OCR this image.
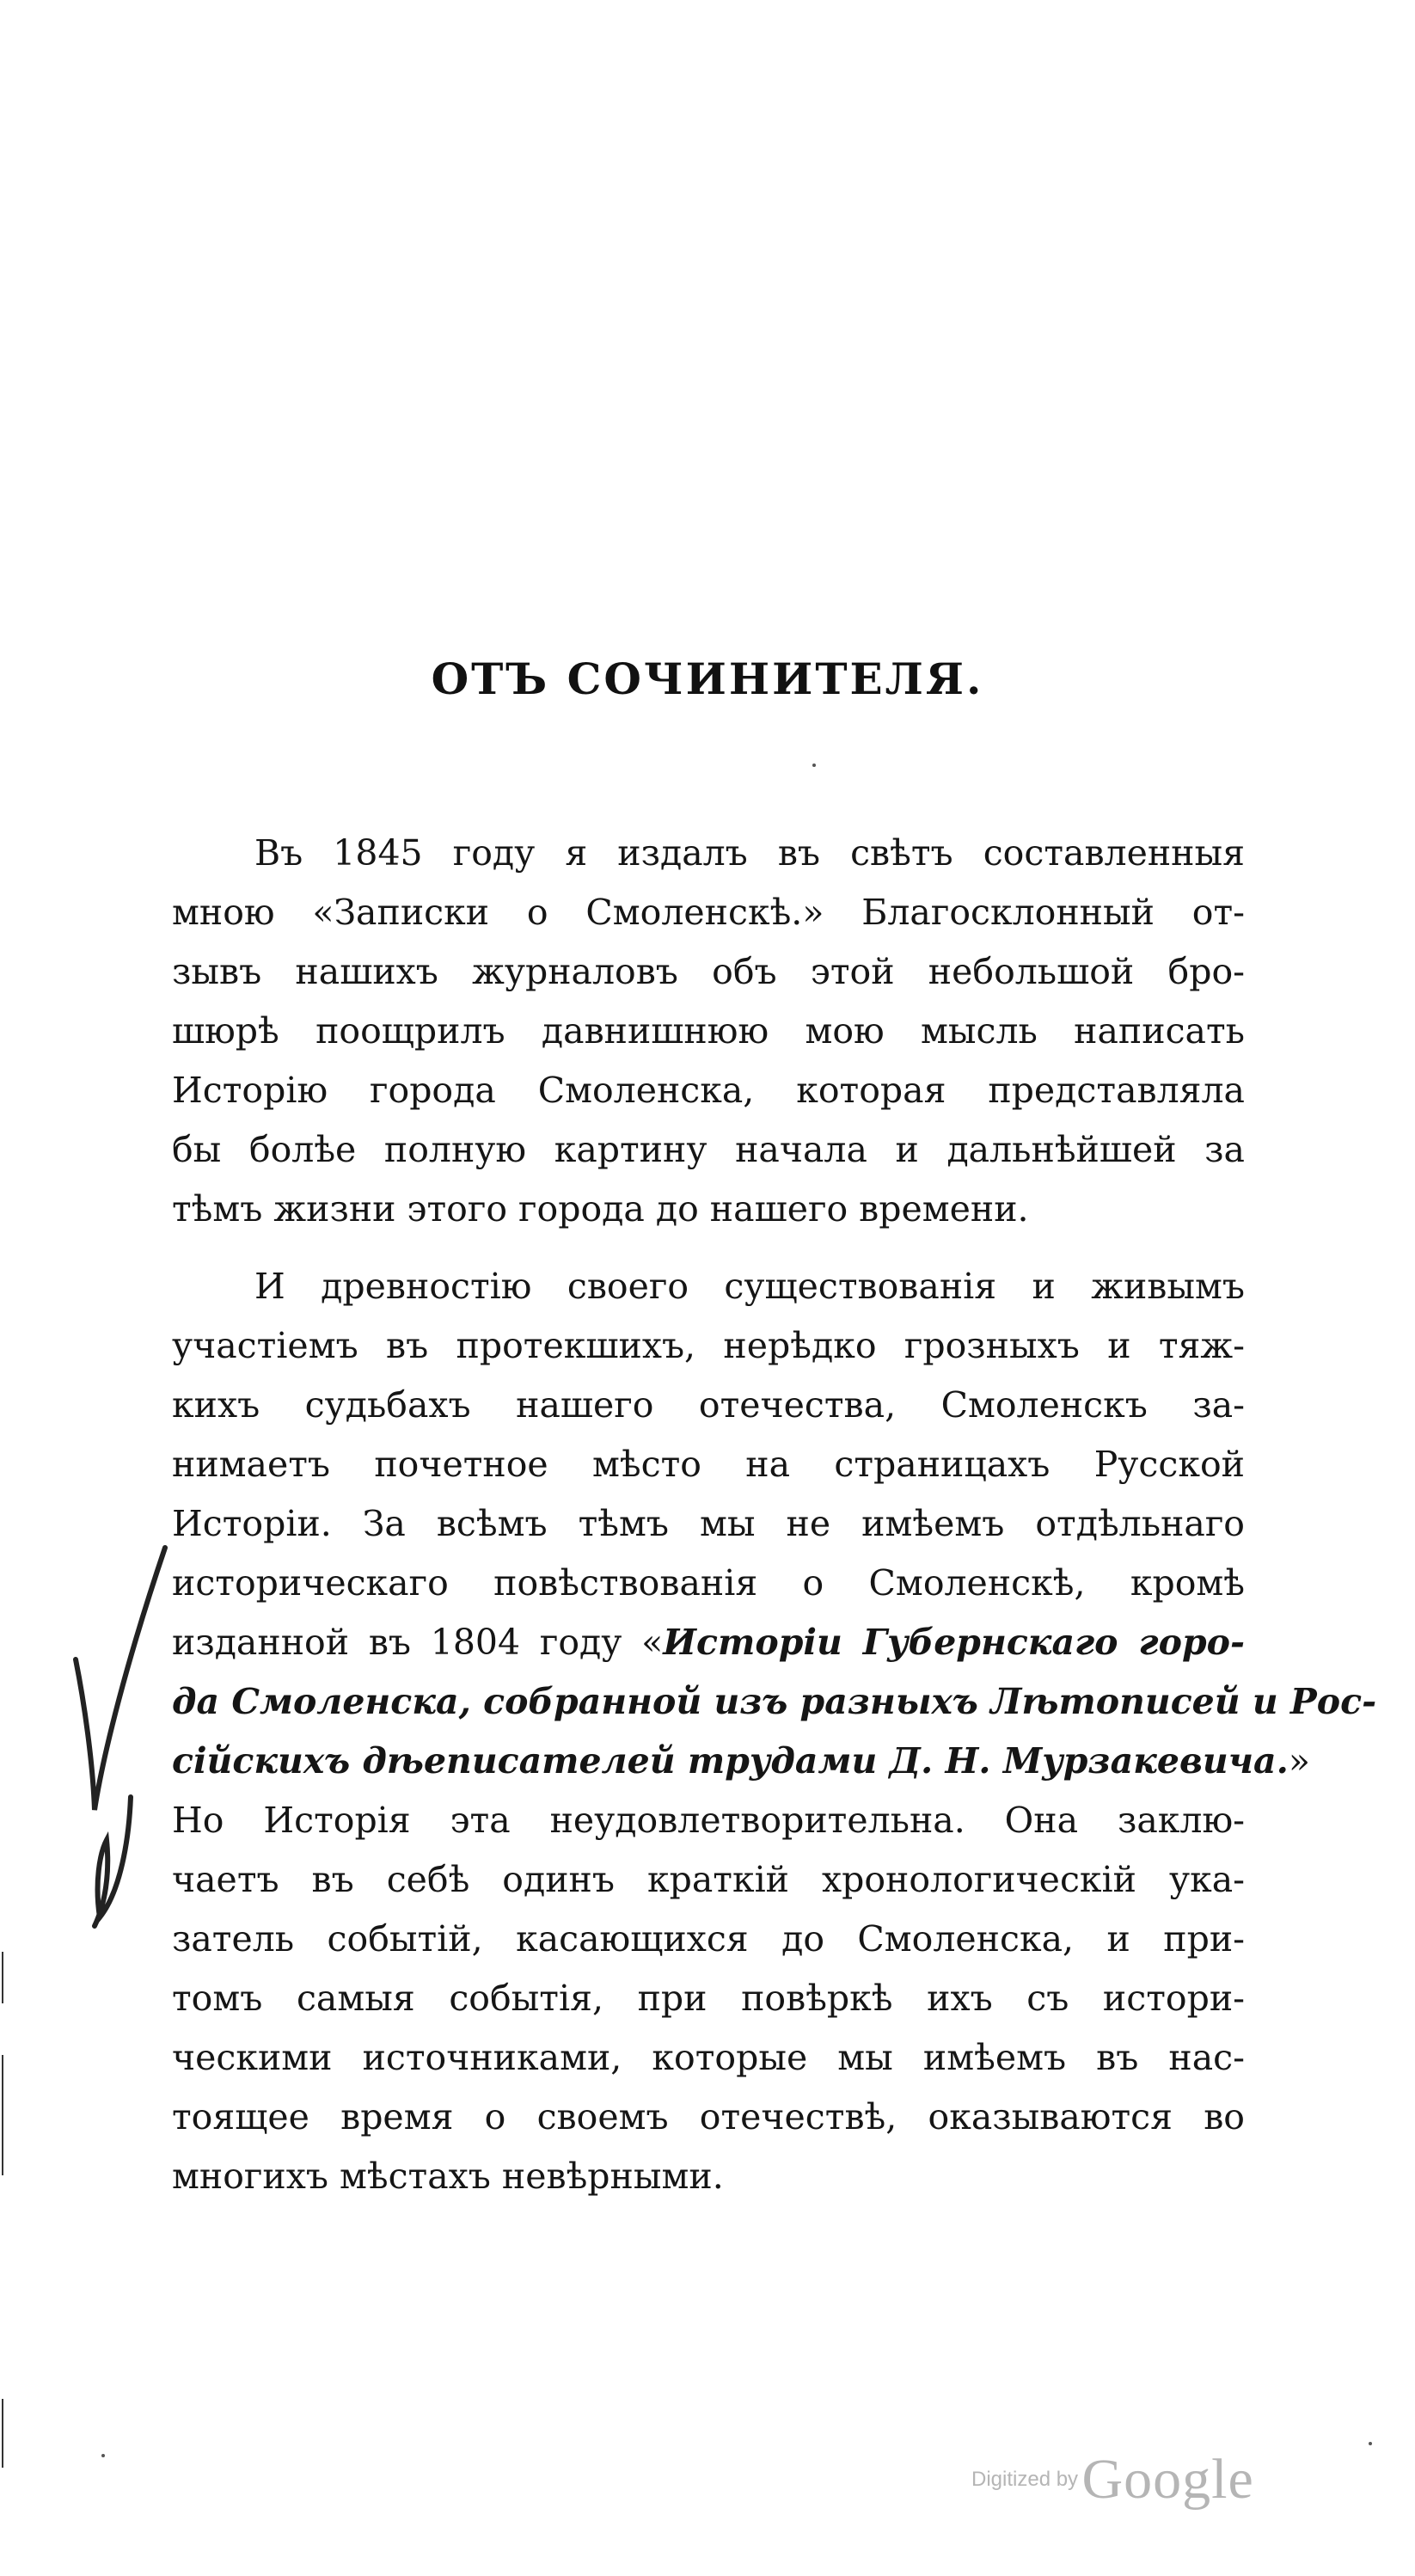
ОТЪ СОЧИНИТЕЛЯ.
Въ 1845 году я издалъ въ свѣтъ составленныя
мною «Записки о Смоленскѣ.» Благосклонный от-
зывъ нашихъ журналовъ объ этой небольшой бро-
шюрѣ поощрилъ давнишнюю мою мысль написать
Исторію города Смоленска, которая представляла
бы болѣе полную картину начала и дальнѣйшей за
тѣмъ жизни этого города до нашего времени.
И древностію своего существованія и живымъ
участіемъ въ протекшихъ, нерѣдко грозныхъ и тяж-
кихъ судьбахъ нашего отечества, Смоленскъ за-
нимаетъ почетное мѣсто на страницахъ Русской
Исторіи. За всѣмъ тѣмъ мы не имѣемъ отдѣльнаго
историческаго повѣствованія о Смоленскѣ, кромѣ
изданной въ 1804 году «Исторіи Губернскаго горо-
да Смоленска, собранной изъ разныхъ Лѣтописей и Рос-
сійскихъ дѣеписателей трудами Д. Н. Мурзакевича.»
Но Исторія эта неудовлетворительна. Она заклю-
чаетъ въ себѣ одинъ краткій хронологическій ука-
затель событій, касающихся до Смоленска, и при-
томъ самыя событія, при повѣркѣ ихъ съ истори-
ческими источниками, которые мы имѣемъ въ нас-
тоящее время о своемъ отечествѣ, оказываются во
многихъ мѣстахъ невѣрными.
Digitized by Google
